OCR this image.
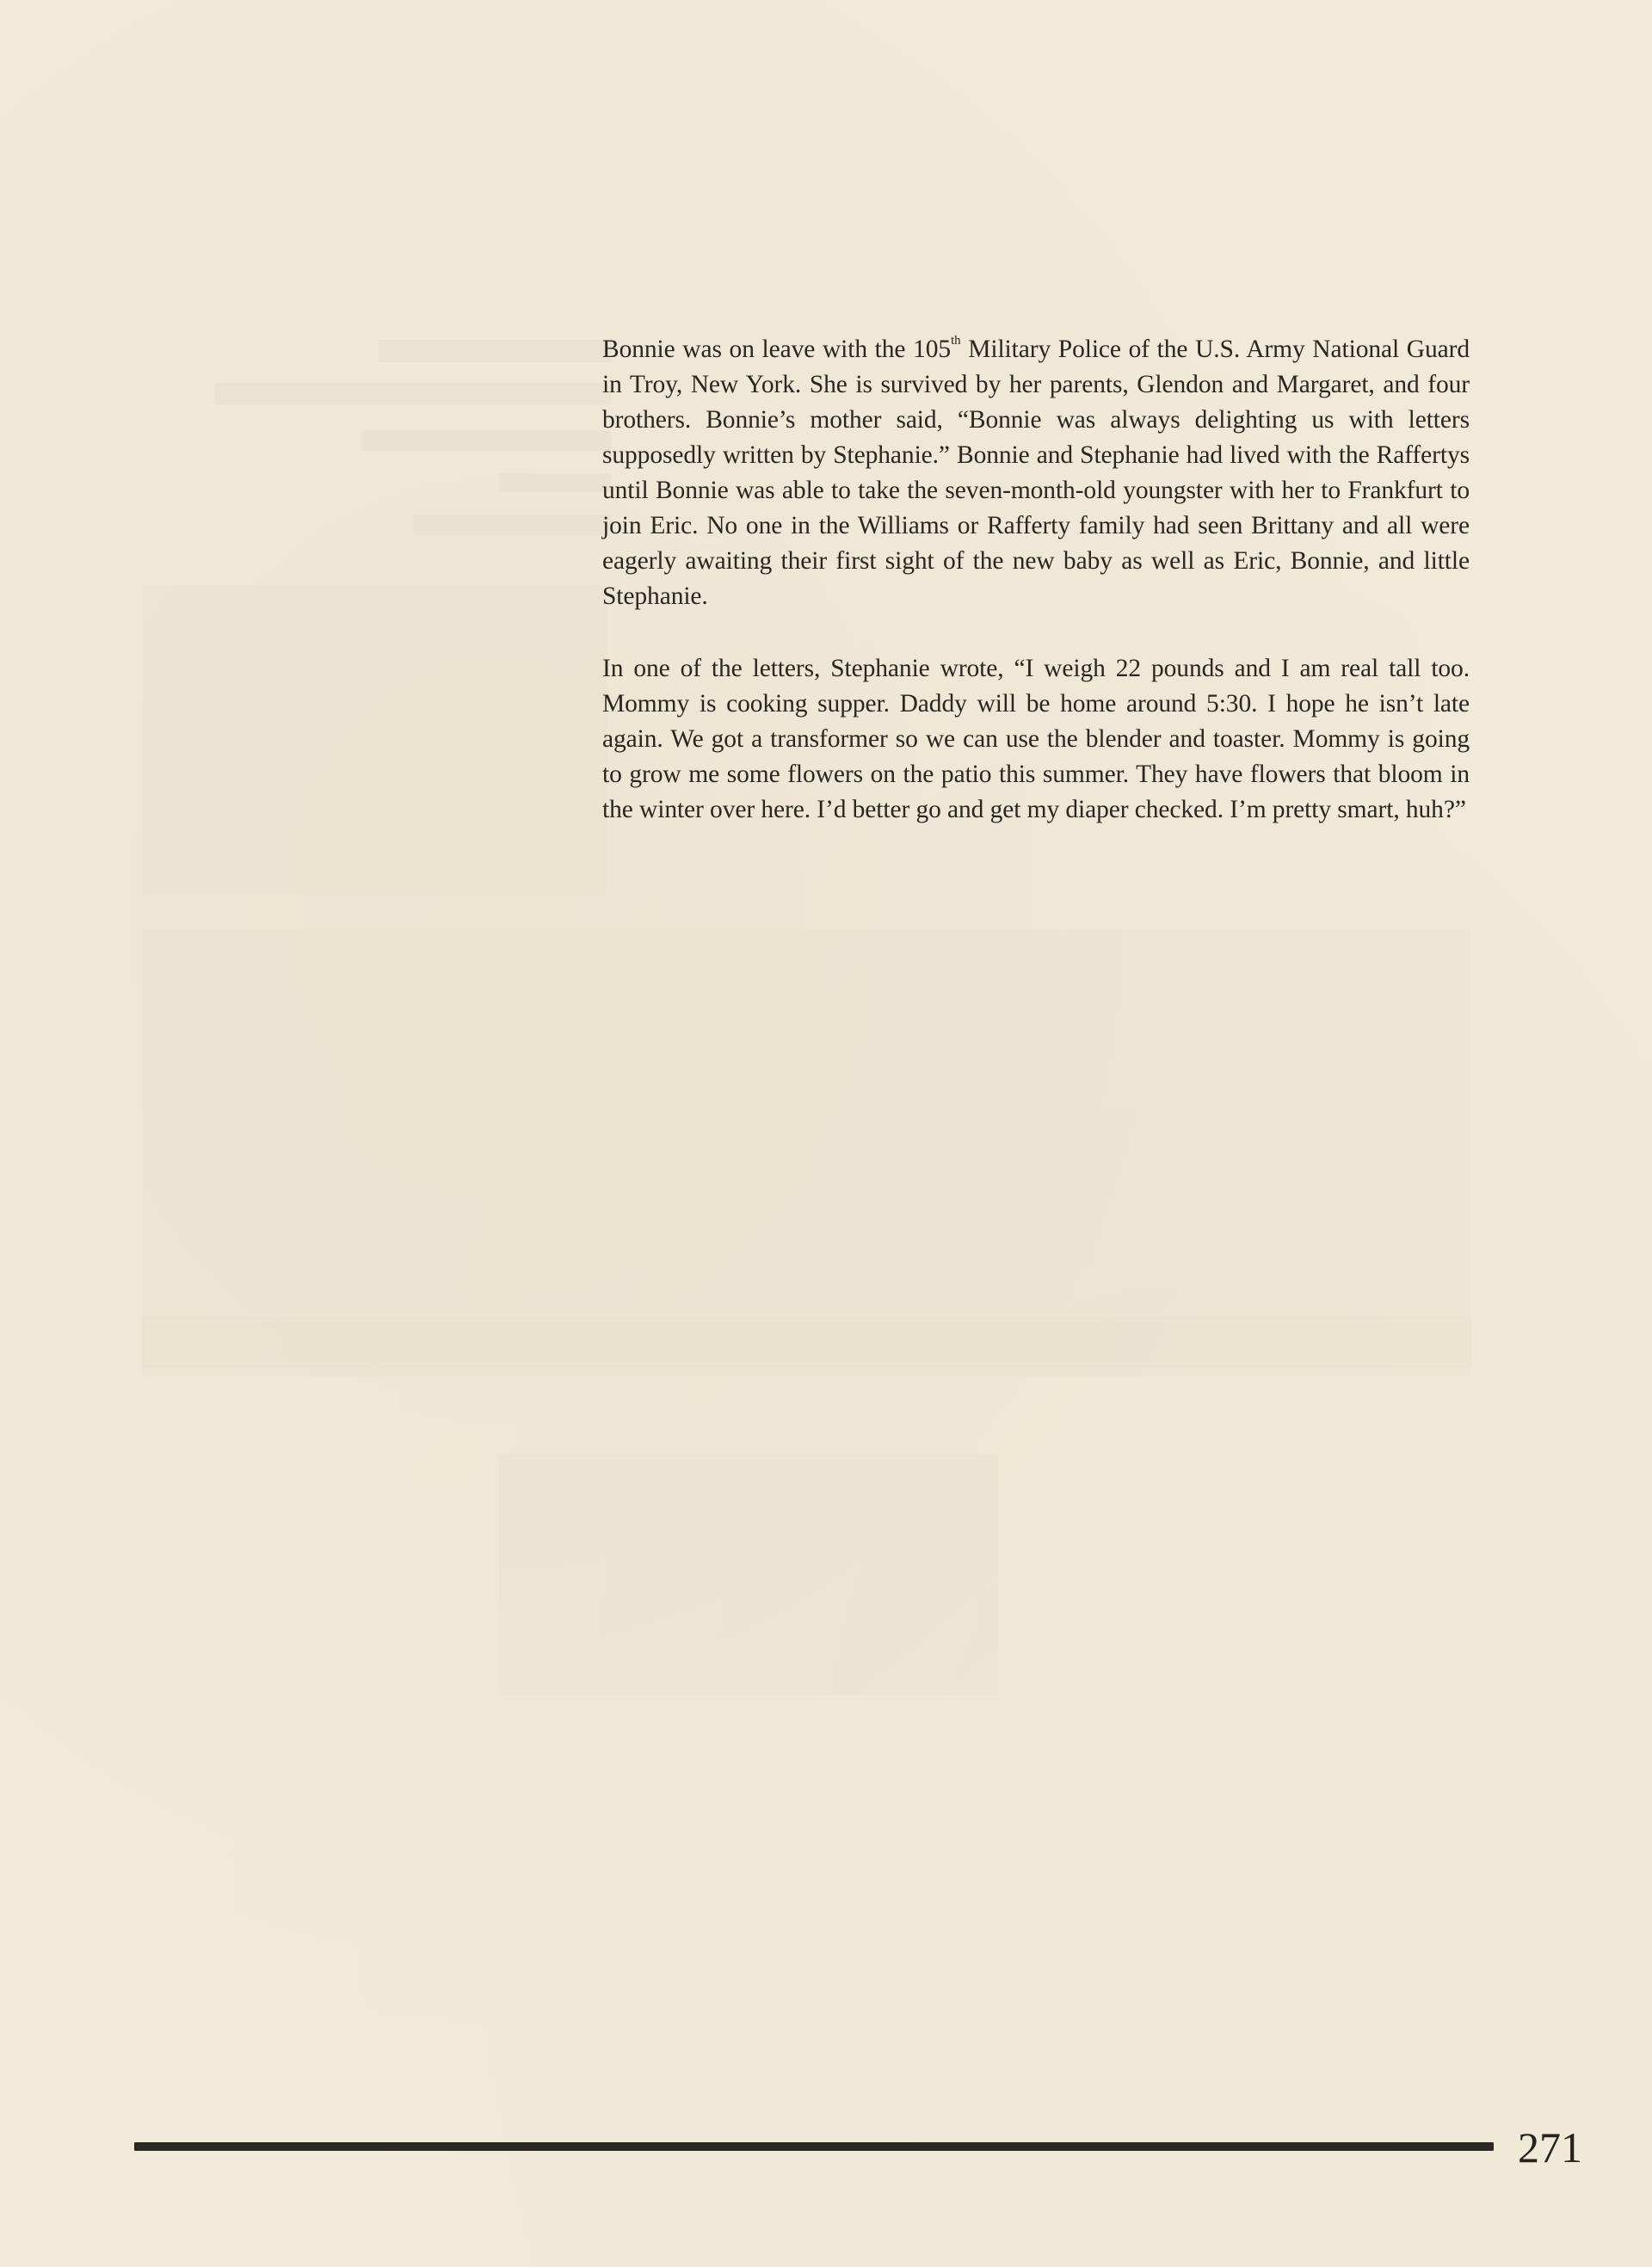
Bonnie was on leave with the 105th Military Police of the U.S. Army National Guard in Troy, New York. She is survived by her parents, Glendon and Margaret, and four brothers. Bonnie’s mother said, “Bonnie was always delighting us with letters supposedly written by Stephanie.” Bonnie and Stephanie had lived with the Raffertys until Bonnie was able to take the seven-month-old youngster with her to Frankfurt to join Eric. No one in the Williams or Rafferty family had seen Brittany and all were eagerly awaiting their first sight of the new baby as well as Eric, Bonnie, and little Stephanie.

In one of the letters, Stephanie wrote, “I weigh 22 pounds and I am real tall too. Mommy is cooking supper. Daddy will be home around 5:30. I hope he isn’t late again. We got a transformer so we can use the blender and toaster. Mommy is going to grow me some flowers on the patio this summer. They have flowers that bloom in the winter over here. I’d better go and get my diaper checked. I’m pretty smart, huh?”

271
